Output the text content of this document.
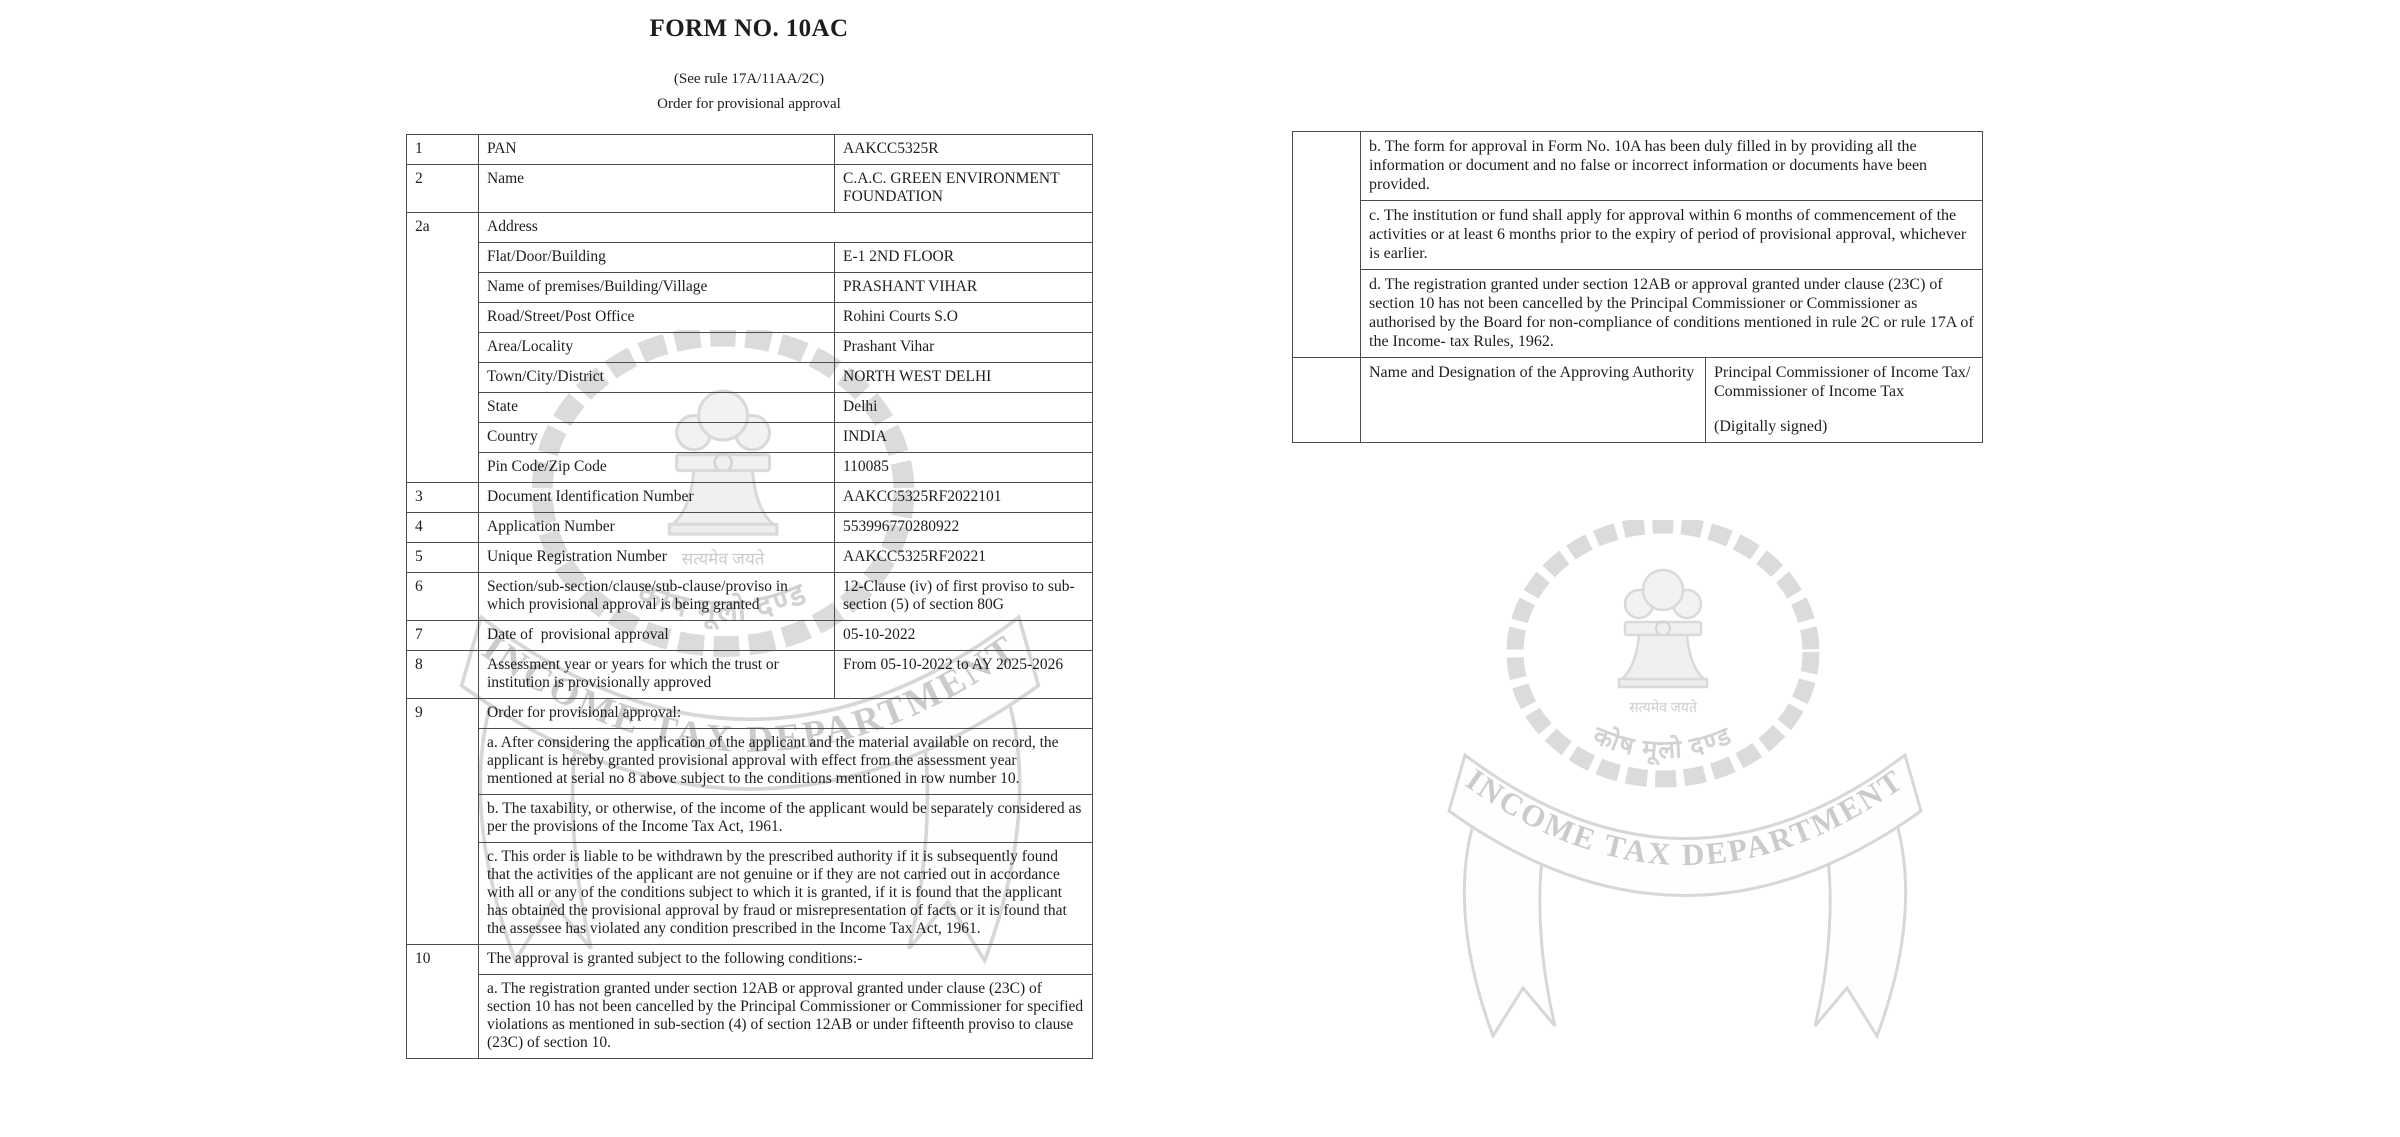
FORM NO. 10AC
(See rule 17A/11AA/2C)
Order for provisional approval
1	PAN	AAKCC5325R
2	Name	C.A.C. GREEN ENVIRONMENT FOUNDATION
2a	Address	
	Flat/Door/Building	E-1 2ND FLOOR
	Name of premises/Building/Village	PRASHANT VIHAR
	Road/Street/Post Office	Rohini Courts S.O
	Area/Locality	Prashant Vihar
	Town/City/District	NORTH WEST DELHI
	State	Delhi
	Country	INDIA
	Pin Code/Zip Code	110085
3	Document Identification Number	AAKCC5325RF2022101
4	Application Number	553996770280922
5	Unique Registration Number	AAKCC5325RF20221
6	Section/sub-section/clause/sub-clause/proviso in which provisional approval is being granted	12-Clause (iv) of first proviso to sub-section (5) of section 80G
7	Date of  provisional approval	05-10-2022
8	Assessment year or years for which the trust or institution is provisionally approved	From 05-10-2022 to AY 2025-2026
9	Order for provisional approval:	
	a. After considering the application of the applicant and the material available on record, the applicant is hereby granted provisional approval with effect from the assessment year mentioned at serial no 8 above subject to the conditions mentioned in row number 10.	
	b. The taxability, or otherwise, of the income of the applicant would be separately considered as per the provisions of the Income Tax Act, 1961.	
	c. This order is liable to be withdrawn by the prescribed authority if it is subsequently found that the activities of the applicant are not genuine or if they are not carried out in accordance with all or any of the conditions subject to which it is granted, if it is found that the applicant has obtained the provisional approval by fraud or misrepresentation of facts or it is found that the assessee has violated any condition prescribed in the Income Tax Act, 1961.	
10	The approval is granted subject to the following conditions:-	
	a. The registration granted under section 12AB or approval granted under clause (23C) of section 10 has not been cancelled by the Principal Commissioner or Commissioner for specified violations as mentioned in sub-section (4) of section 12AB or under fifteenth proviso to clause (23C) of section 10.	
	b. The form for approval in Form No. 10A has been duly filled in by providing all the information or document and no false or incorrect information or documents have been provided.	
	c. The institution or fund shall apply for approval within 6 months of commencement of the activities or at least 6 months prior to the expiry of period of provisional approval, whichever is earlier.	
	d. The registration granted under section 12AB or approval granted under clause (23C) of section 10 has not been cancelled by the Principal Commissioner or Commissioner as authorised by the Board for non-compliance of conditions mentioned in rule 2C or rule 17A of the Income- tax Rules, 1962.	
	Name and Designation of the Approving Authority	Principal Commissioner of Income Tax/ Commissioner of Income Tax
(Digitally signed)
